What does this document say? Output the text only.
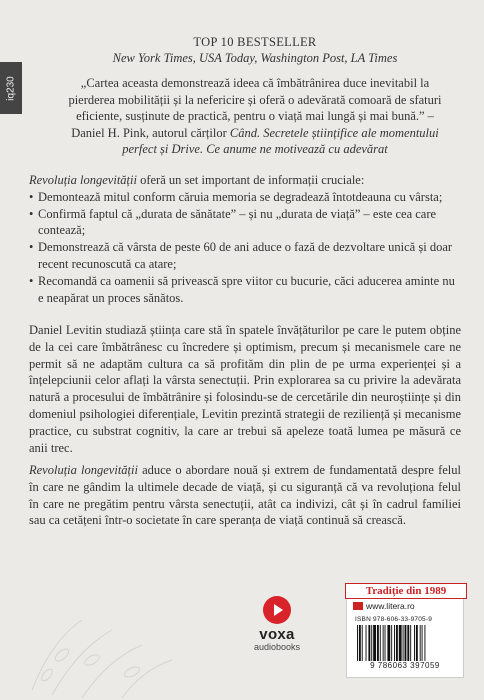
iq230
TOP 10 BESTSELLER
New York Times, USA Today, Washington Post, LA Times
„Cartea aceasta demonstrează ideea că îmbătrânirea duce inevitabil la pierderea mobilității și la nefericire și oferă o adevărată comoară de sfaturi eficiente, susținute de practică, pentru o viață mai lungă și mai bună.” – Daniel H. Pink, autorul cărților Când. Secretele științifice ale momentului perfect și Drive. Ce anume ne motivează cu adevărat

Revoluția longevității oferă un set important de informații cruciale:

• Demontează mitul conform căruia memoria se degradează întotdeauna cu vârsta;
• Confirmă faptul că „durata de sănătate” – și nu „durata de viață” – este cea care contează;
• Demonstrează că vârsta de peste 60 de ani aduce o fază de dezvoltare unică și doar recent recunoscută ca atare;
• Recomandă ca oamenii să privească spre viitor cu bucurie, căci aducerea aminte nu e neapărat un proces sănătos.
Daniel Levitin studiază știința care stă în spatele învățăturilor pe care le putem obține de la cei care îmbătrânesc cu încredere și optimism, precum și mecanismele care ne permit să ne adaptăm cultura ca să profităm din plin de pe urma experienței și a înțelepciunii celor aflați la vârsta senectuții. Prin explorarea sa cu privire la adevărata natură a procesului de îmbătrânire și folosindu-se de cercetările din neuroștiințe și din domeniul psihologiei diferențiale, Levitin prezintă strategii de reziliență și mecanisme practice, cu substrat cognitiv, la care ar trebui să apeleze toată lumea pe măsură ce anii trec.
Revoluția longevității aduce o abordare nouă și extrem de fundamentată despre felul în care ne gândim la ultimele decade de viață, și cu siguranță că va revoluționa felul în care ne pregătim pentru vârsta senectuții, atât ca indivizi, cât și în cadrul familiei sau ca cetățeni într-o societate în care speranța de viață continuă să crească.
voxa
audiobooks
Tradiție din 1989
www.litera.ro
ISBN 978-606-33-9705-9
9 786063 397059
